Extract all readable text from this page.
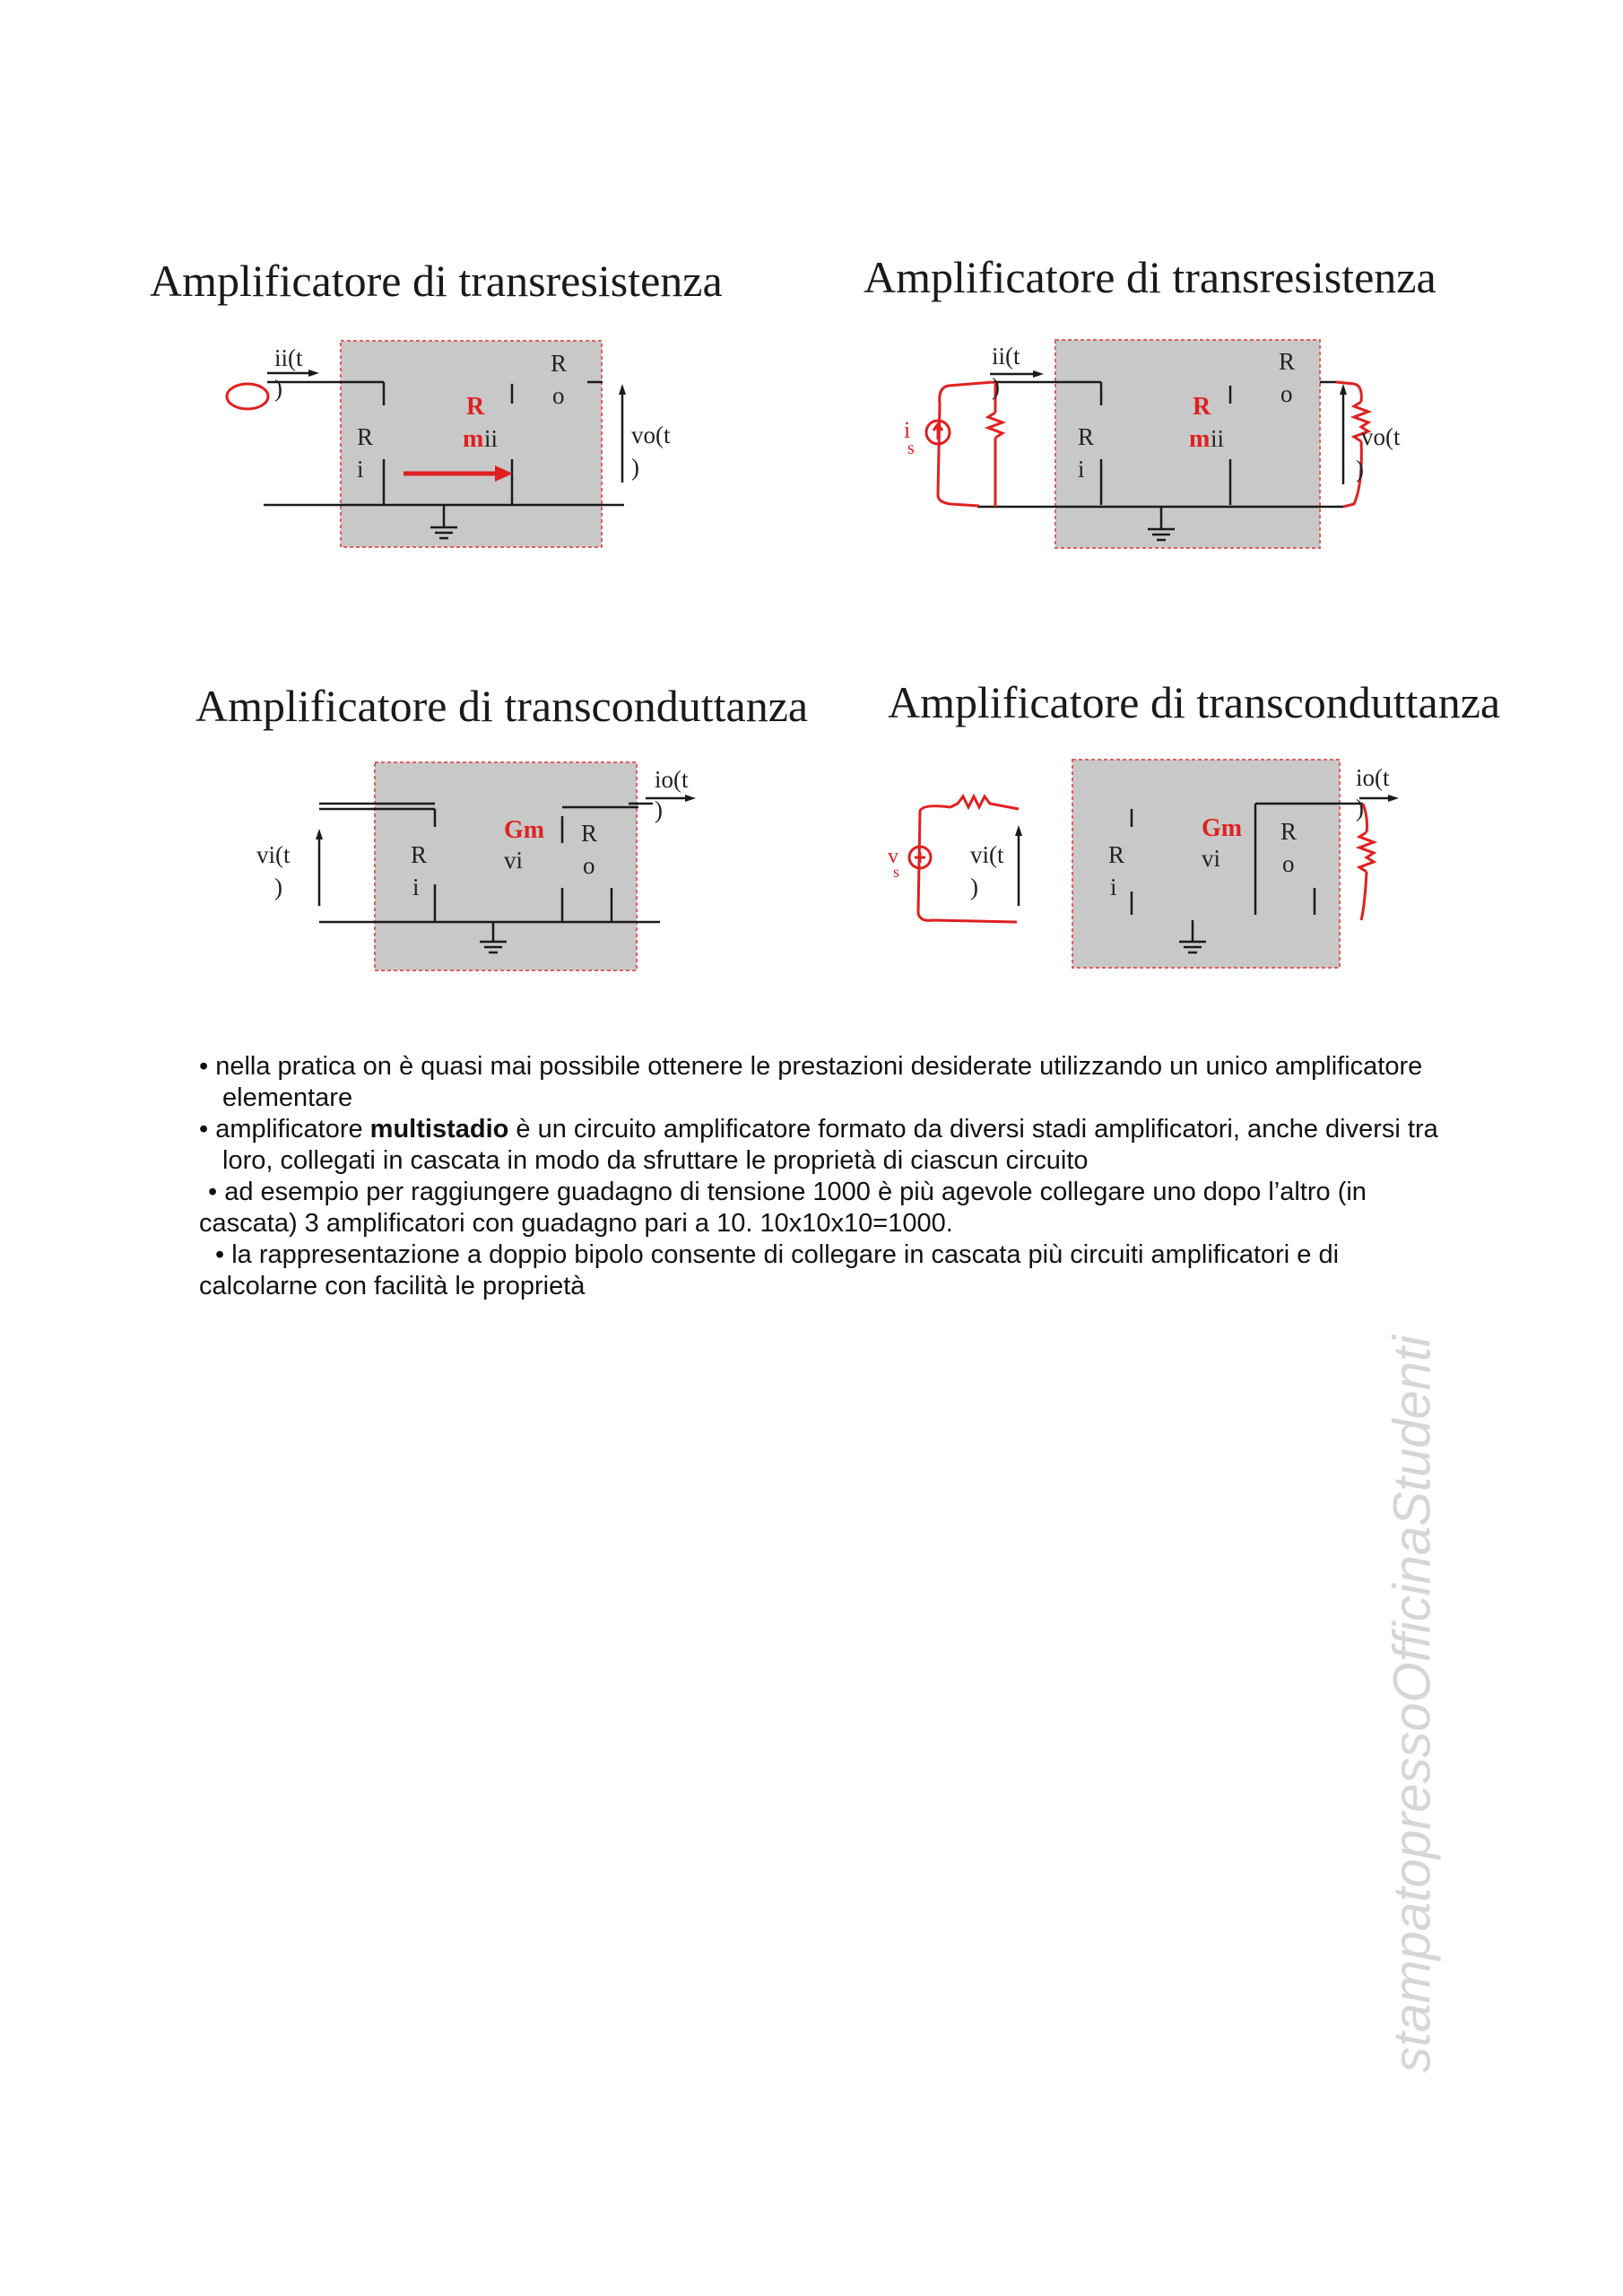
Amplificatore di transresistenza	Amplificatore di transresistenza
Amplificatore di transconduttanza Amplificatore di transconduttanza
ii(t
)
R
i
R
m ii
R
o
vo(t
)
i
s
ii(t
)
R
i
R
m ii
R
o
vo(t
)
vi(t
)
R
i
Gm
vi
R
o
io(t
)
v
s
vi(t
)
R
i
Gm
vi
R
o
io(t
)

• nella pratica on è quasi mai possibile ottenere le prestazioni desiderate utilizzando un unico amplificatore elementare

• amplificatore multistadio è un circuito amplificatore formato da diversi stadi amplificatori, anche diversi tra loro, collegati in cascata in modo da sfruttare le proprietà di ciascun circuito

• ad esempio per raggiungere guadagno di tensione 1000 è più agevole collegare uno dopo l’altro (in cascata) 3 amplificatori con guadagno pari a 10. 10x10x10=1000.

• la rappresentazione a doppio bipolo consente di collegare in cascata più circuiti amplificatori e di calcolarne con facilità le proprietà

stampatopressoOfficinaStudenti
